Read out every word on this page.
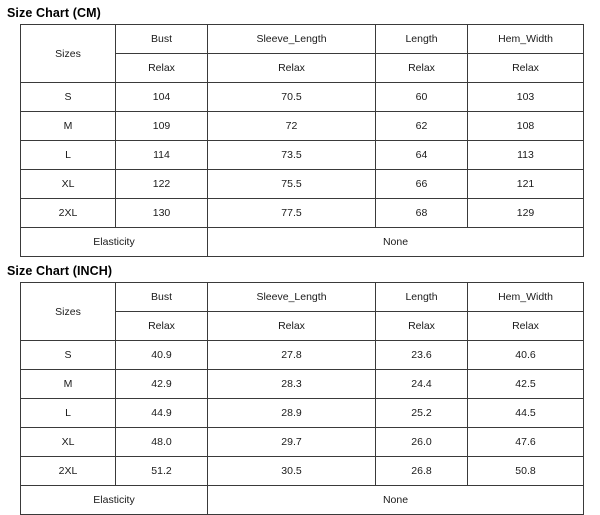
Size Chart (CM)
Sizes	Bust	Sleeve_Length	Length	Hem_Width
	Relax	Relax	Relax	Relax
S	104	70.5	60	103
M	109	72	62	108
L	114	73.5	64	113
XL	122	75.5	66	121
2XL	130	77.5	68	129
Elasticity		None		
Size Chart (INCH)
Sizes	Bust	Sleeve_Length	Length	Hem_Width
	Relax	Relax	Relax	Relax
S	40.9	27.8	23.6	40.6
M	42.9	28.3	24.4	42.5
L	44.9	28.9	25.2	44.5
XL	48.0	29.7	26.0	47.6
2XL	51.2	30.5	26.8	50.8
Elasticity		None		
